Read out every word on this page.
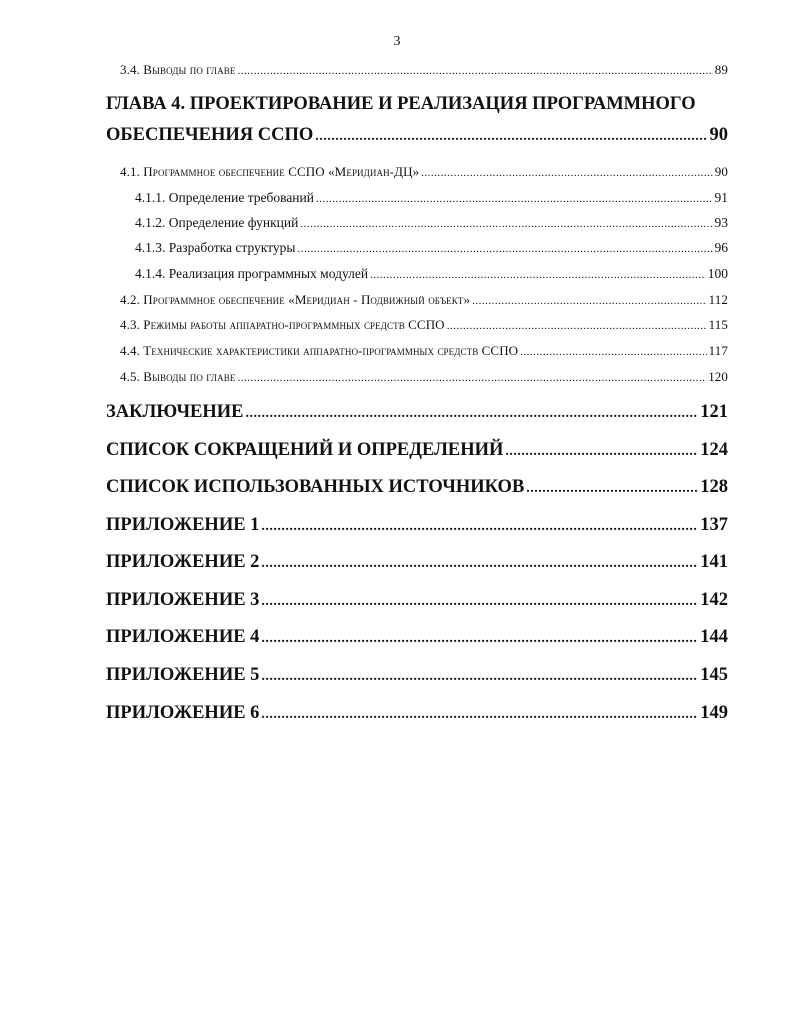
3
3.4. Выводы по главе .....	89
ГЛАВА 4. ПРОЕКТИРОВАНИЕ И РЕАЛИЗАЦИЯ ПРОГРАММНОГО
ОБЕСПЕЧЕНИЯ ССПО .....	90
4.1. Программное обеспечение ССПО «Меридиан-ДЦ» .....	90
4.1.1. Определение требований .....	91
4.1.2. Определение функций .....	93
4.1.3. Разработка структуры .....	96
4.1.4. Реализация программных модулей .....	100
4.2. Программное обеспечение «Меридиан - Подвижный объект» .....	112
4.3. Режимы работы аппаратно-программных средств ССПО .....	115
4.4. Технические характеристики аппаратно-программных средств ССПО .....	117
4.5. Выводы по главе .....	120
ЗАКЛЮЧЕНИЕ .....	121
СПИСОК СОКРАЩЕНИЙ И ОПРЕДЕЛЕНИЙ .....	124
СПИСОК ИСПОЛЬЗОВАННЫХ ИСТОЧНИКОВ .....	128
ПРИЛОЖЕНИЕ 1 .....	137
ПРИЛОЖЕНИЕ 2 .....	141
ПРИЛОЖЕНИЕ 3 .....	142
ПРИЛОЖЕНИЕ 4 .....	144
ПРИЛОЖЕНИЕ 5 .....	145
ПРИЛОЖЕНИЕ 6 .....	149
